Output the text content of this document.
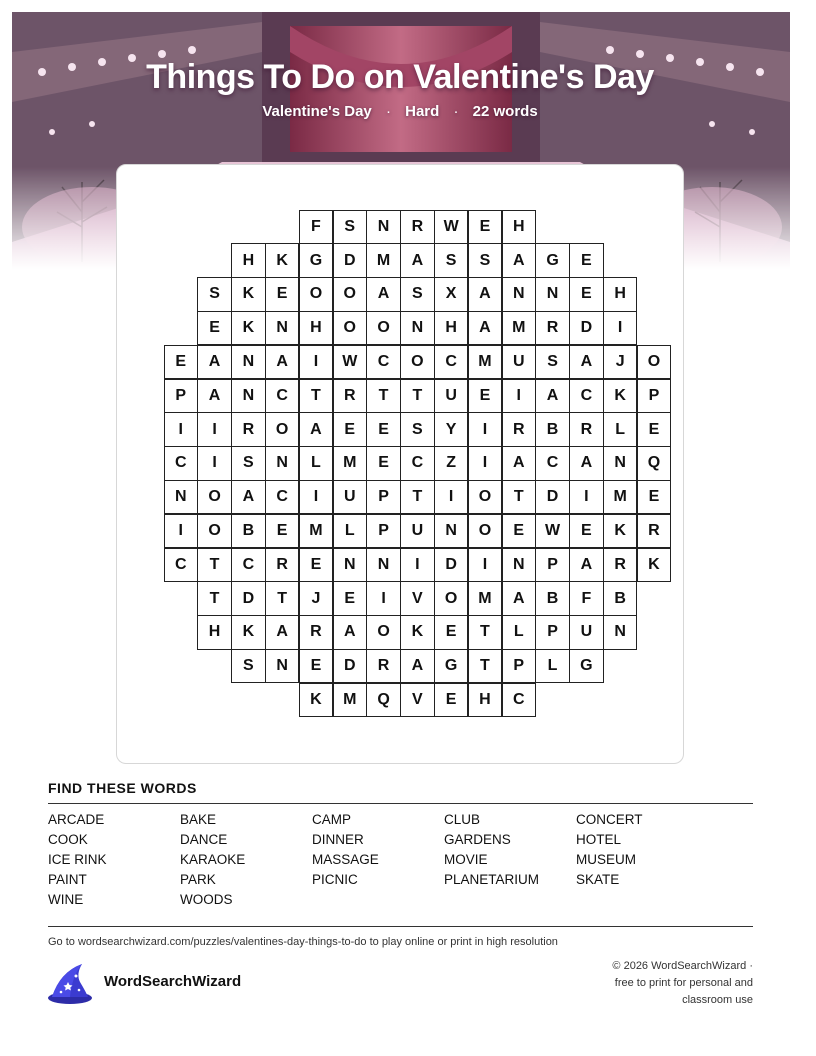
Things To Do on Valentine's Day
Valentine's Day · Hard · 22 words
F	S	N	R	W	E	H
H	K	G	D	M	A	S	S	A	G	E
S	K	E	O	O	A	S	X	A	N	N	E	H
E	K	N	H	O	O	N	H	A	M	R	D	I
E	A	N	A	I	W	C	O	C	M	U	S	A	J	O
P	A	N	C	T	R	T	T	U	E	I	A	C	K	P
I	I	R	O	A	E	E	S	Y	I	R	B	R	L	E
C	I	S	N	L	M	E	C	Z	I	A	C	A	N	Q
N	O	A	C	I	U	P	T	I	O	T	D	I	M	E
I	O	B	E	M	L	P	U	N	O	E	W	E	K	R
C	T	C	R	E	N	N	I	D	I	N	P	A	R	K
T	D	T	J	E	I	V	O	M	A	B	F	B
H	K	A	R	A	O	K	E	T	L	P	U	N
S	N	E	D	R	A	G	T	P	L	G
K	M	Q	V	E	H	C
FIND THESE WORDS
ARCADE	BAKE	CAMP	CLUB	CONCERT
COOK	DANCE	DINNER	GARDENS	HOTEL
ICE RINK	KARAOKE	MASSAGE	MOVIE	MUSEUM
PAINT	PARK	PICNIC	PLANETARIUM	SKATE
WINE	WOODS
Go to wordsearchwizard.com/puzzles/valentines-day-things-to-do to play online or print in high resolution
WordSearchWizard
© 2026 WordSearchWizard ·
free to print for personal and
classroom use
